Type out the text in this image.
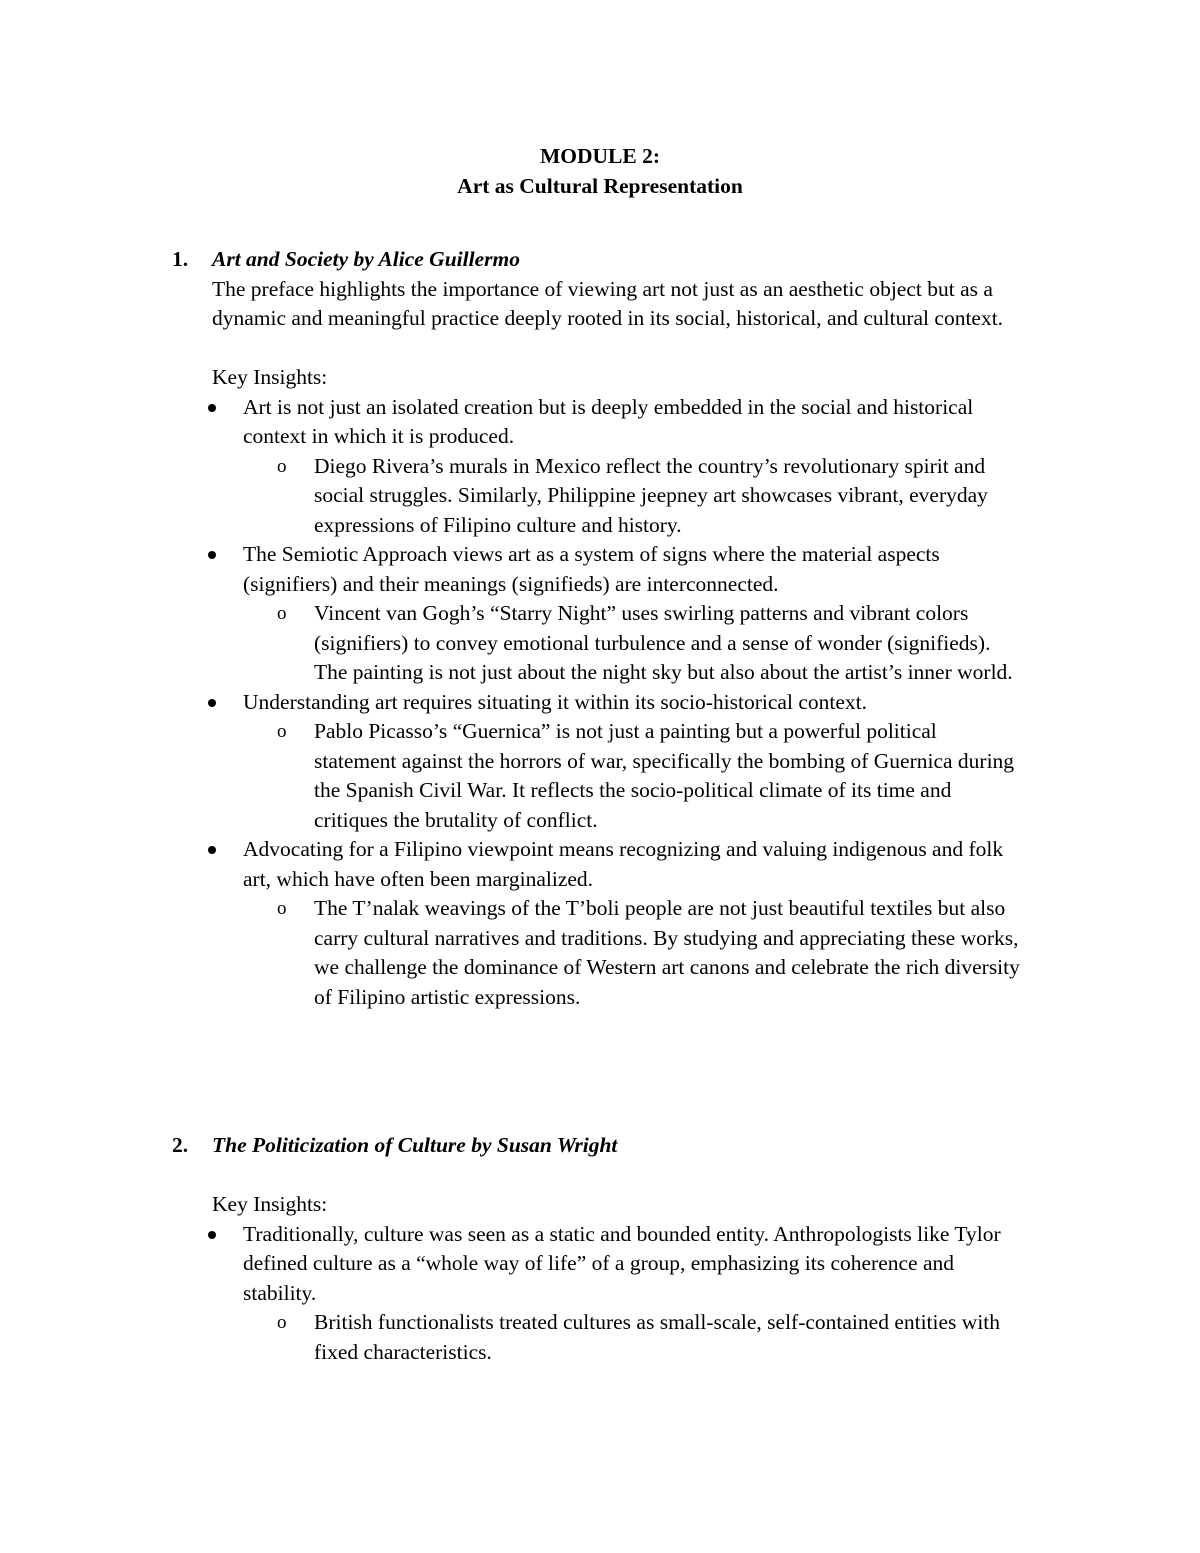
MODULE 2:
Art as Cultural Representation
1.	Art and Society by Alice Guillermo
The preface highlights the importance of viewing art not just as an aesthetic object but as a dynamic and meaningful practice deeply rooted in its social, historical, and cultural context.
Key Insights:
Art is not just an isolated creation but is deeply embedded in the social and historical context in which it is produced.
o Diego Rivera’s murals in Mexico reflect the country’s revolutionary spirit and social struggles. Similarly, Philippine jeepney art showcases vibrant, everyday expressions of Filipino culture and history.
The Semiotic Approach views art as a system of signs where the material aspects (signifiers) and their meanings (signifieds) are interconnected.
o Vincent van Gogh’s “Starry Night” uses swirling patterns and vibrant colors (signifiers) to convey emotional turbulence and a sense of wonder (signifieds). The painting is not just about the night sky but also about the artist’s inner world.
Understanding art requires situating it within its socio-historical context.
o Pablo Picasso’s “Guernica” is not just a painting but a powerful political statement against the horrors of war, specifically the bombing of Guernica during the Spanish Civil War. It reflects the socio-political climate of its time and critiques the brutality of conflict.
Advocating for a Filipino viewpoint means recognizing and valuing indigenous and folk art, which have often been marginalized.
o The T’nalak weavings of the T’boli people are not just beautiful textiles but also carry cultural narratives and traditions. By studying and appreciating these works, we challenge the dominance of Western art canons and celebrate the rich diversity of Filipino artistic expressions.
2.	The Politicization of Culture by Susan Wright
Key Insights:
Traditionally, culture was seen as a static and bounded entity. Anthropologists like Tylor defined culture as a “whole way of life” of a group, emphasizing its coherence and stability.
o British functionalists treated cultures as small-scale, self-contained entities with fixed characteristics.
